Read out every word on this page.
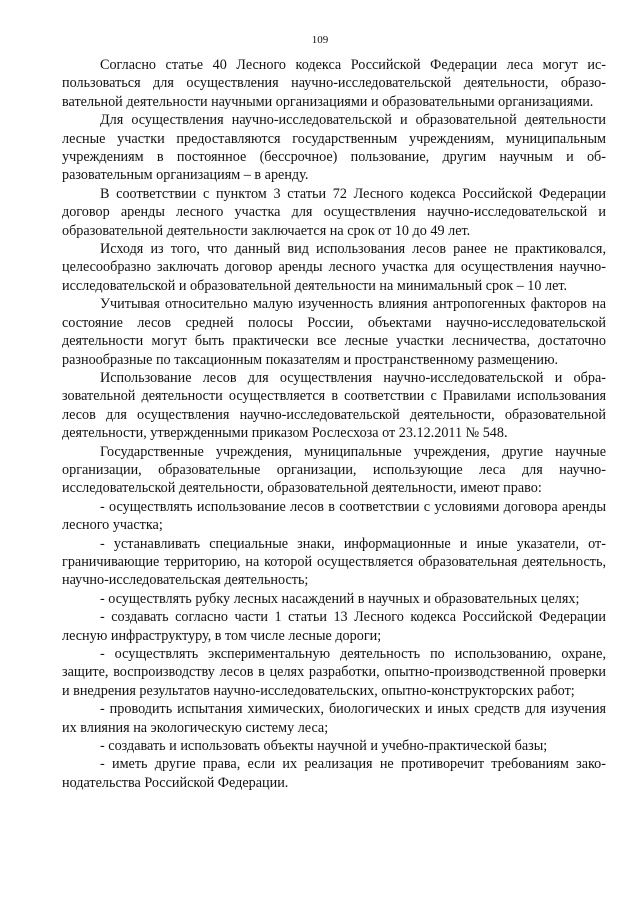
109

Согласно статье 40 Лесного кодекса Российской Федерации леса могут использоваться для осуществления научно-исследовательской деятельности, образовательной деятельности научными организациями и образовательными организациями.

Для осуществления научно-исследовательской и образовательной деятельности лесные участки предоставляются государственным учреждениям, муниципальным учреждениям в постоянное (бессрочное) пользование, другим научным и образовательным организациям – в аренду.

В соответствии с пунктом 3 статьи 72 Лесного кодекса Российской Федерации договор аренды лесного участка для осуществления научно-исследовательской и образовательной деятельности заключается на срок от 10 до 49 лет.

Исходя из того, что данный вид использования лесов ранее не практиковался, целесообразно заключать договор аренды лесного участка для осуществления научно-исследовательской и образовательной деятельности на минимальный срок – 10 лет.

Учитывая относительно малую изученность влияния антропогенных факторов на состояние лесов средней полосы России, объектами научно-исследовательской деятельности могут быть практически все лесные участки лесничества, достаточно разнообразные по таксационным показателям и пространственному размещению.

Использование лесов для осуществления научно-исследовательской и образовательной деятельности осуществляется в соответствии с Правилами использования лесов для осуществления научно-исследовательской деятельности, образовательной деятельности, утвержденными приказом Рослесхоза от 23.12.2011 № 548.

Государственные учреждения, муниципальные учреждения, другие научные организации, образовательные организации, использующие леса для научно-исследовательской деятельности, образовательной деятельности, имеют право:

- осуществлять использование лесов в соответствии с условиями договора аренды лесного участка;

- устанавливать специальные знаки, информационные и иные указатели, отграничивающие территорию, на которой осуществляется образовательная деятельность, научно-исследовательская деятельность;

- осуществлять рубку лесных насаждений в научных и образовательных целях;

- создавать согласно части 1 статьи 13 Лесного кодекса Российской Федерации лесную инфраструктуру, в том числе лесные дороги;

- осуществлять экспериментальную деятельность по использованию, охране, защите, воспроизводству лесов в целях разработки, опытно-производственной проверки и внедрения результатов научно-исследовательских, опытно-конструкторских работ;

- проводить испытания химических, биологических и иных средств для изучения их влияния на экологическую систему леса;

- создавать и использовать объекты научной и учебно-практической базы;

- иметь другие права, если их реализация не противоречит требованиям законодательства Российской Федерации.
